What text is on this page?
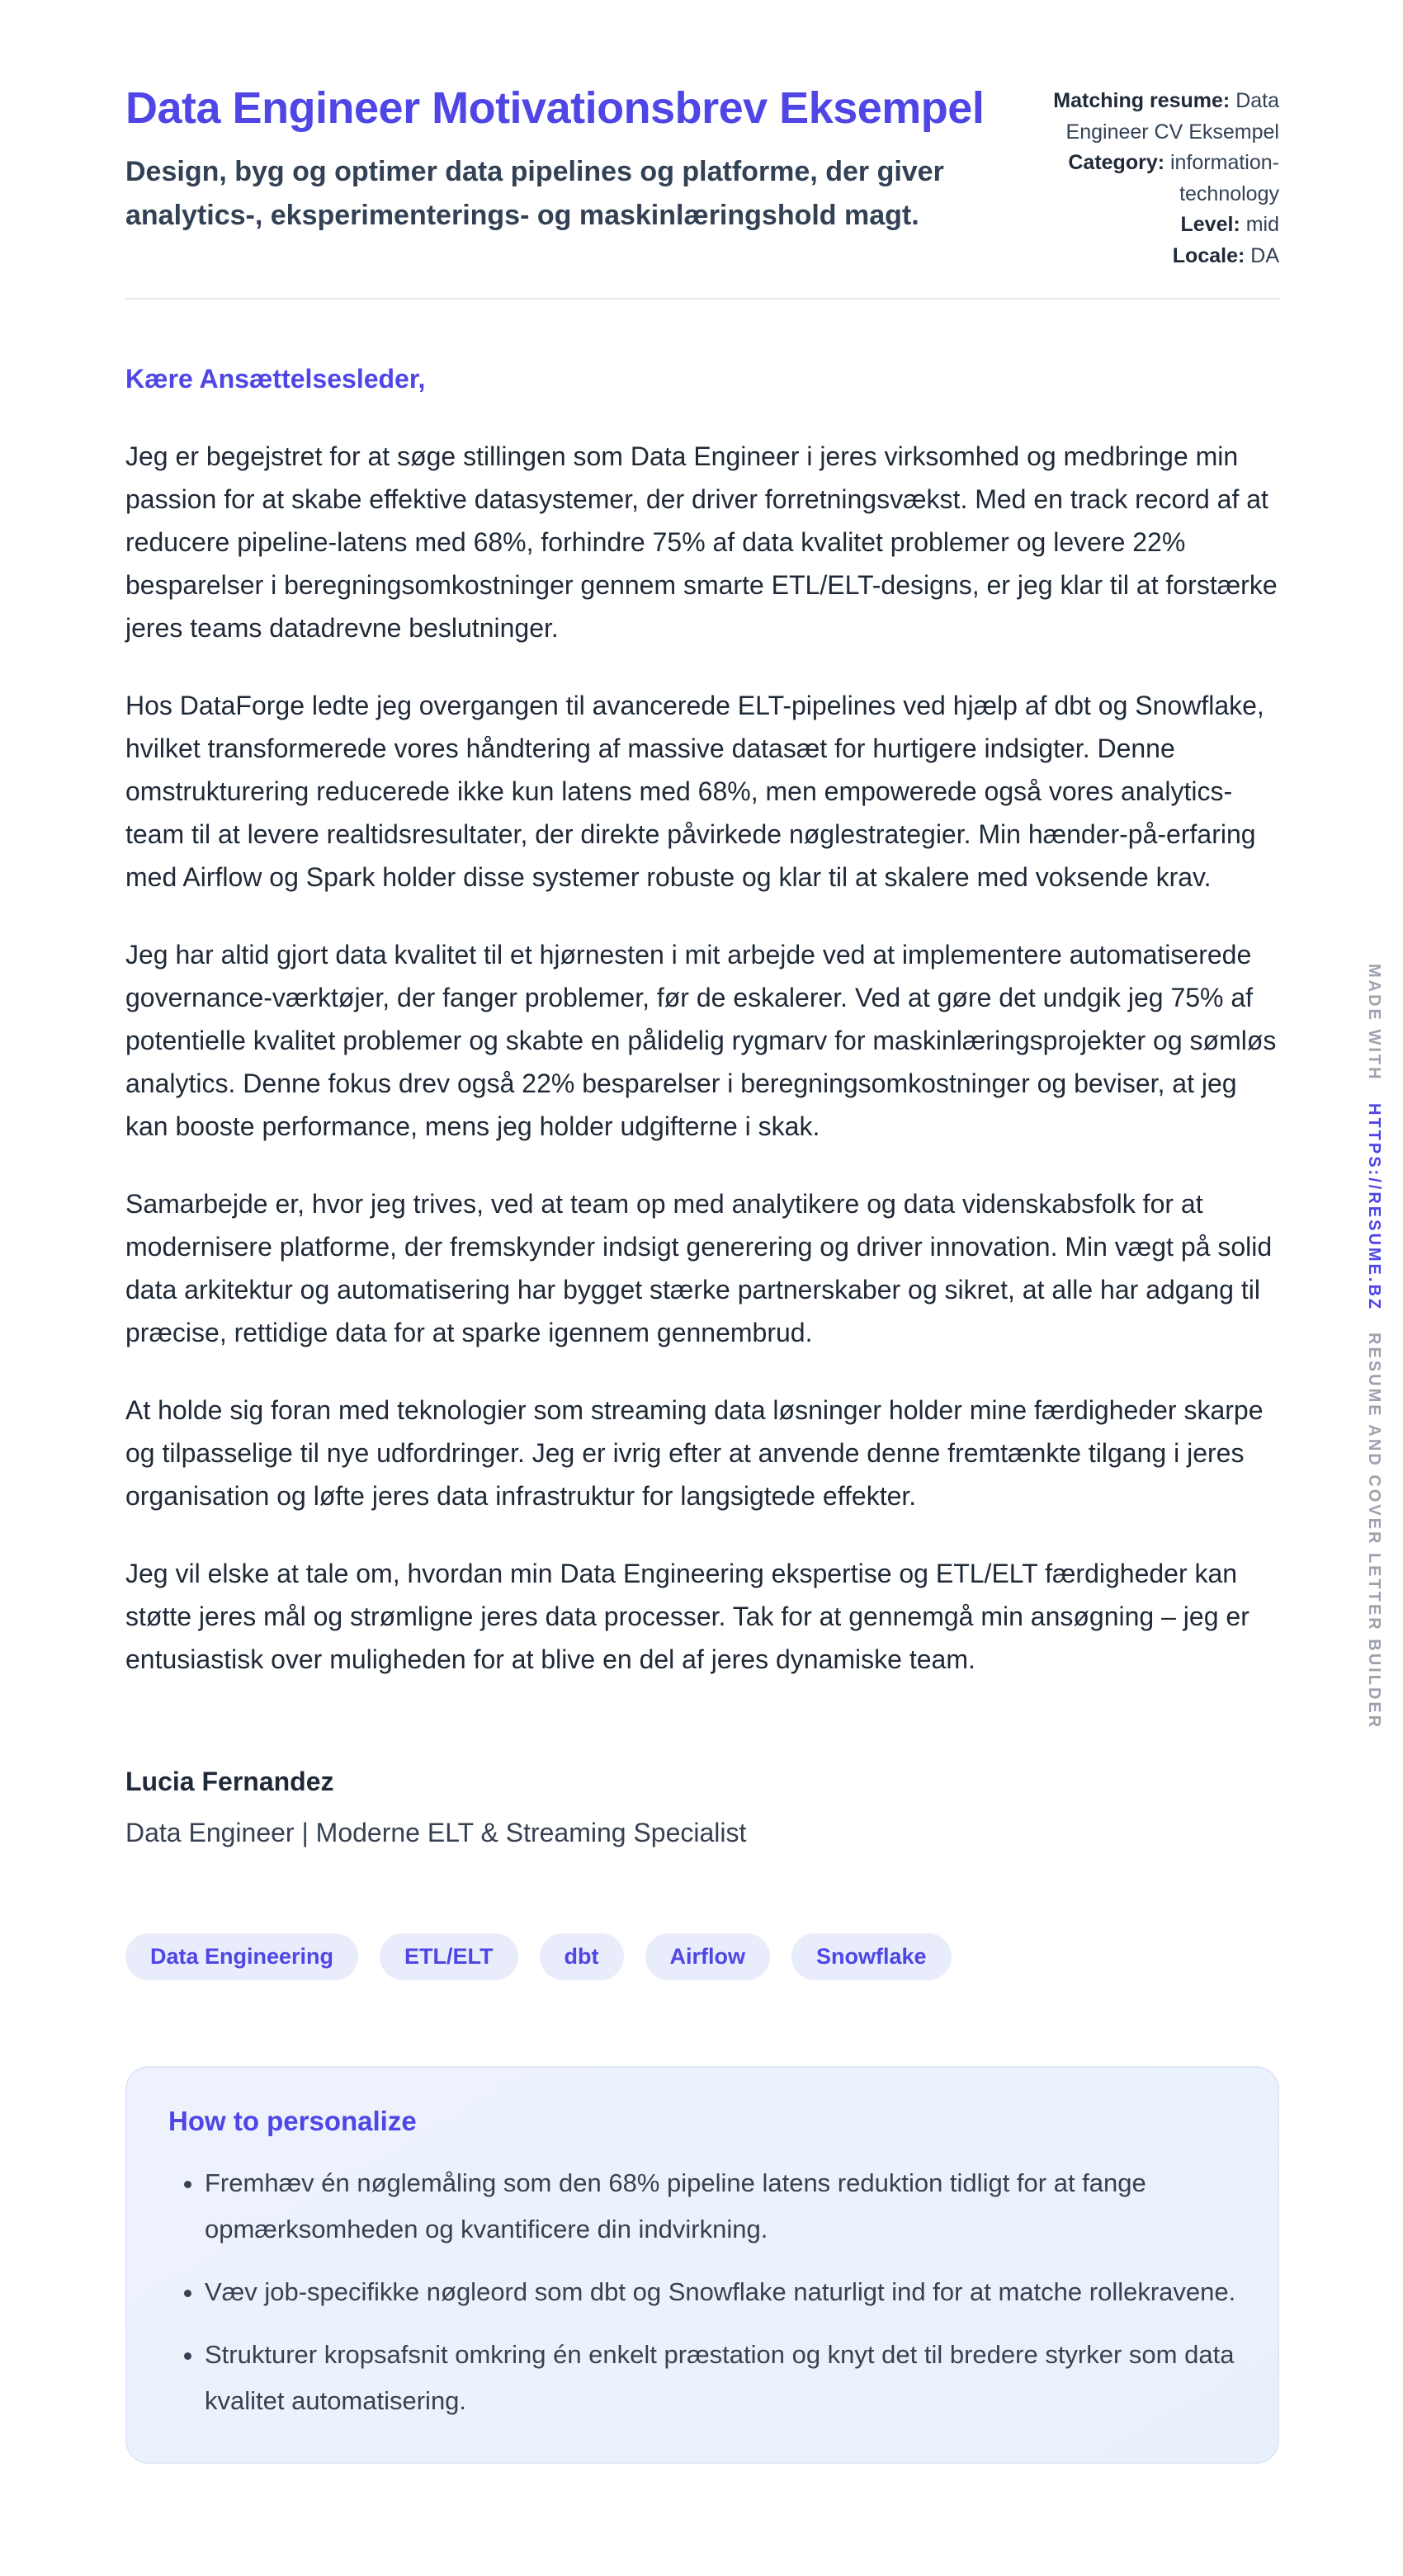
Data Engineer Motivationsbrev Eksempel
Design, byg og optimer data pipelines og platforme, der giver analytics-, eksperimenterings- og maskinlæringshold magt.
Matching resume: Data Engineer CV Eksempel
Category: information-technology
Level: mid
Locale: DA

Kære Ansættelsesleder,

Jeg er begejstret for at søge stillingen som Data Engineer i jeres virksomhed og medbringe min passion for at skabe effektive datasystemer, der driver forretningsvækst. Med en track record af at reducere pipeline-latens med 68%, forhindre 75% af data kvalitet problemer og levere 22% besparelser i beregningsomkostninger gennem smarte ETL/ELT-designs, er jeg klar til at forstærke jeres teams datadrevne beslutninger.

Hos DataForge ledte jeg overgangen til avancerede ELT-pipelines ved hjælp af dbt og Snowflake, hvilket transformerede vores håndtering af massive datasæt for hurtigere indsigter. Denne omstrukturering reducerede ikke kun latens med 68%, men empowerede også vores analytics-team til at levere realtidsresultater, der direkte påvirkede nøglestrategier. Min hænder-på-erfaring med Airflow og Spark holder disse systemer robuste og klar til at skalere med voksende krav.

Jeg har altid gjort data kvalitet til et hjørnesten i mit arbejde ved at implementere automatiserede governance-værktøjer, der fanger problemer, før de eskalerer. Ved at gøre det undgik jeg 75% af potentielle kvalitet problemer og skabte en pålidelig rygmarv for maskinlæringsprojekter og sømløs analytics. Denne fokus drev også 22% besparelser i beregningsomkostninger og beviser, at jeg kan booste performance, mens jeg holder udgifterne i skak.

Samarbejde er, hvor jeg trives, ved at team op med analytikere og data videnskabsfolk for at modernisere platforme, der fremskynder indsigt generering og driver innovation. Min vægt på solid data arkitektur og automatisering har bygget stærke partnerskaber og sikret, at alle har adgang til præcise, rettidige data for at sparke igennem gennembrud.

At holde sig foran med teknologier som streaming data løsninger holder mine færdigheder skarpe og tilpasselige til nye udfordringer. Jeg er ivrig efter at anvende denne fremtænkte tilgang i jeres organisation og løfte jeres data infrastruktur for langsigtede effekter.

Jeg vil elske at tale om, hvordan min Data Engineering ekspertise og ETL/ELT færdigheder kan støtte jeres mål og strømligne jeres data processer. Tak for at gennemgå min ansøgning – jeg er entusiastisk over muligheden for at blive en del af jeres dynamiske team.

Lucia Fernandez

Data Engineer | Moderne ELT & Streaming Specialist

Data Engineering	ETL/ELT	dbt	Airflow	Snowflake
How to personalize
• Fremhæv én nøglemåling som den 68% pipeline latens reduktion tidligt for at fange opmærksomheden og kvantificere din indvirkning.
• Væv job-specifikke nøgleord som dbt og Snowflake naturligt ind for at matche rollekravene.
• Strukturer kropsafsnit omkring én enkelt præstation og knyt det til bredere styrker som data kvalitet automatisering.
MADE WITH
HTTPS://RESUME.BZ
RESUME AND COVER LETTER BUILDER
